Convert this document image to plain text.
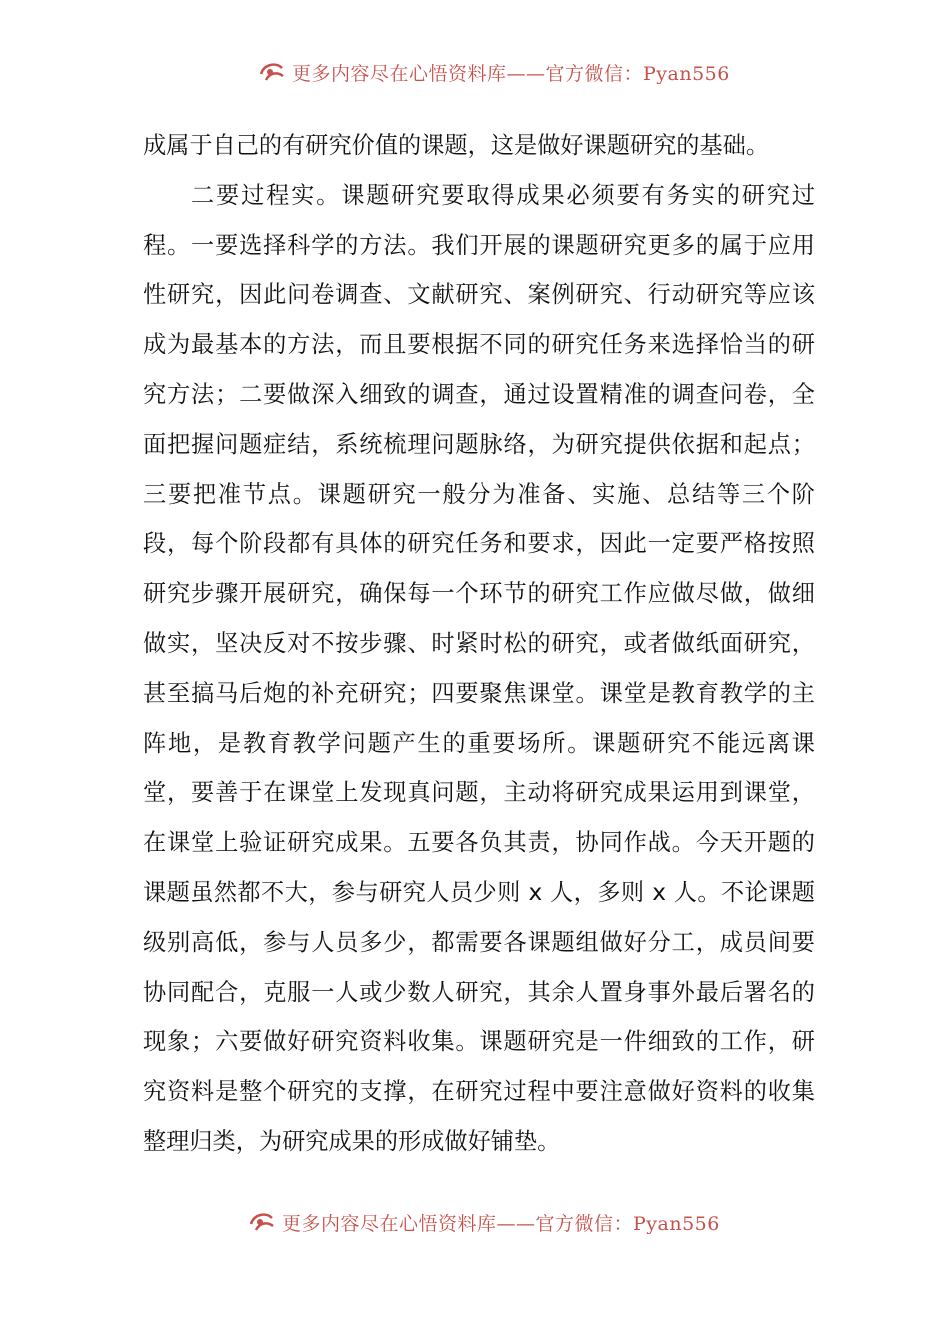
更多内容尽在心悟资料库——官方微信：Pyan556

成属于自己的有研究价值的课题，这是做好课题研究的基础。

二要过程实。课题研究要取得成果必须要有务实的研究过程。一要选择科学的方法。我们开展的课题研究更多的属于应用性研究，因此问卷调查、文献研究、案例研究、行动研究等应该成为最基本的方法，而且要根据不同的研究任务来选择恰当的研究方法；二要做深入细致的调查，通过设置精准的调查问卷，全面把握问题症结，系统梳理问题脉络，为研究提供依据和起点；三要把准节点。课题研究一般分为准备、实施、总结等三个阶段，每个阶段都有具体的研究任务和要求，因此一定要严格按照研究步骤开展研究，确保每一个环节的研究工作应做尽做，做细做实，坚决反对不按步骤、时紧时松的研究，或者做纸面研究，甚至搞马后炮的补充研究；四要聚焦课堂。课堂是教育教学的主阵地，是教育教学问题产生的重要场所。课题研究不能远离课堂，要善于在课堂上发现真问题，主动将研究成果运用到课堂，在课堂上验证研究成果。五要各负其责，协同作战。今天开题的课题虽然都不大，参与研究人员少则 x 人，多则 x 人。不论课题级别高低，参与人员多少，都需要各课题组做好分工，成员间要协同配合，克服一人或少数人研究，其余人置身事外最后署名的现象；六要做好研究资料收集。课题研究是一件细致的工作，研究资料是整个研究的支撑，在研究过程中要注意做好资料的收集整理归类，为研究成果的形成做好铺垫。

更多内容尽在心悟资料库——官方微信：Pyan556
